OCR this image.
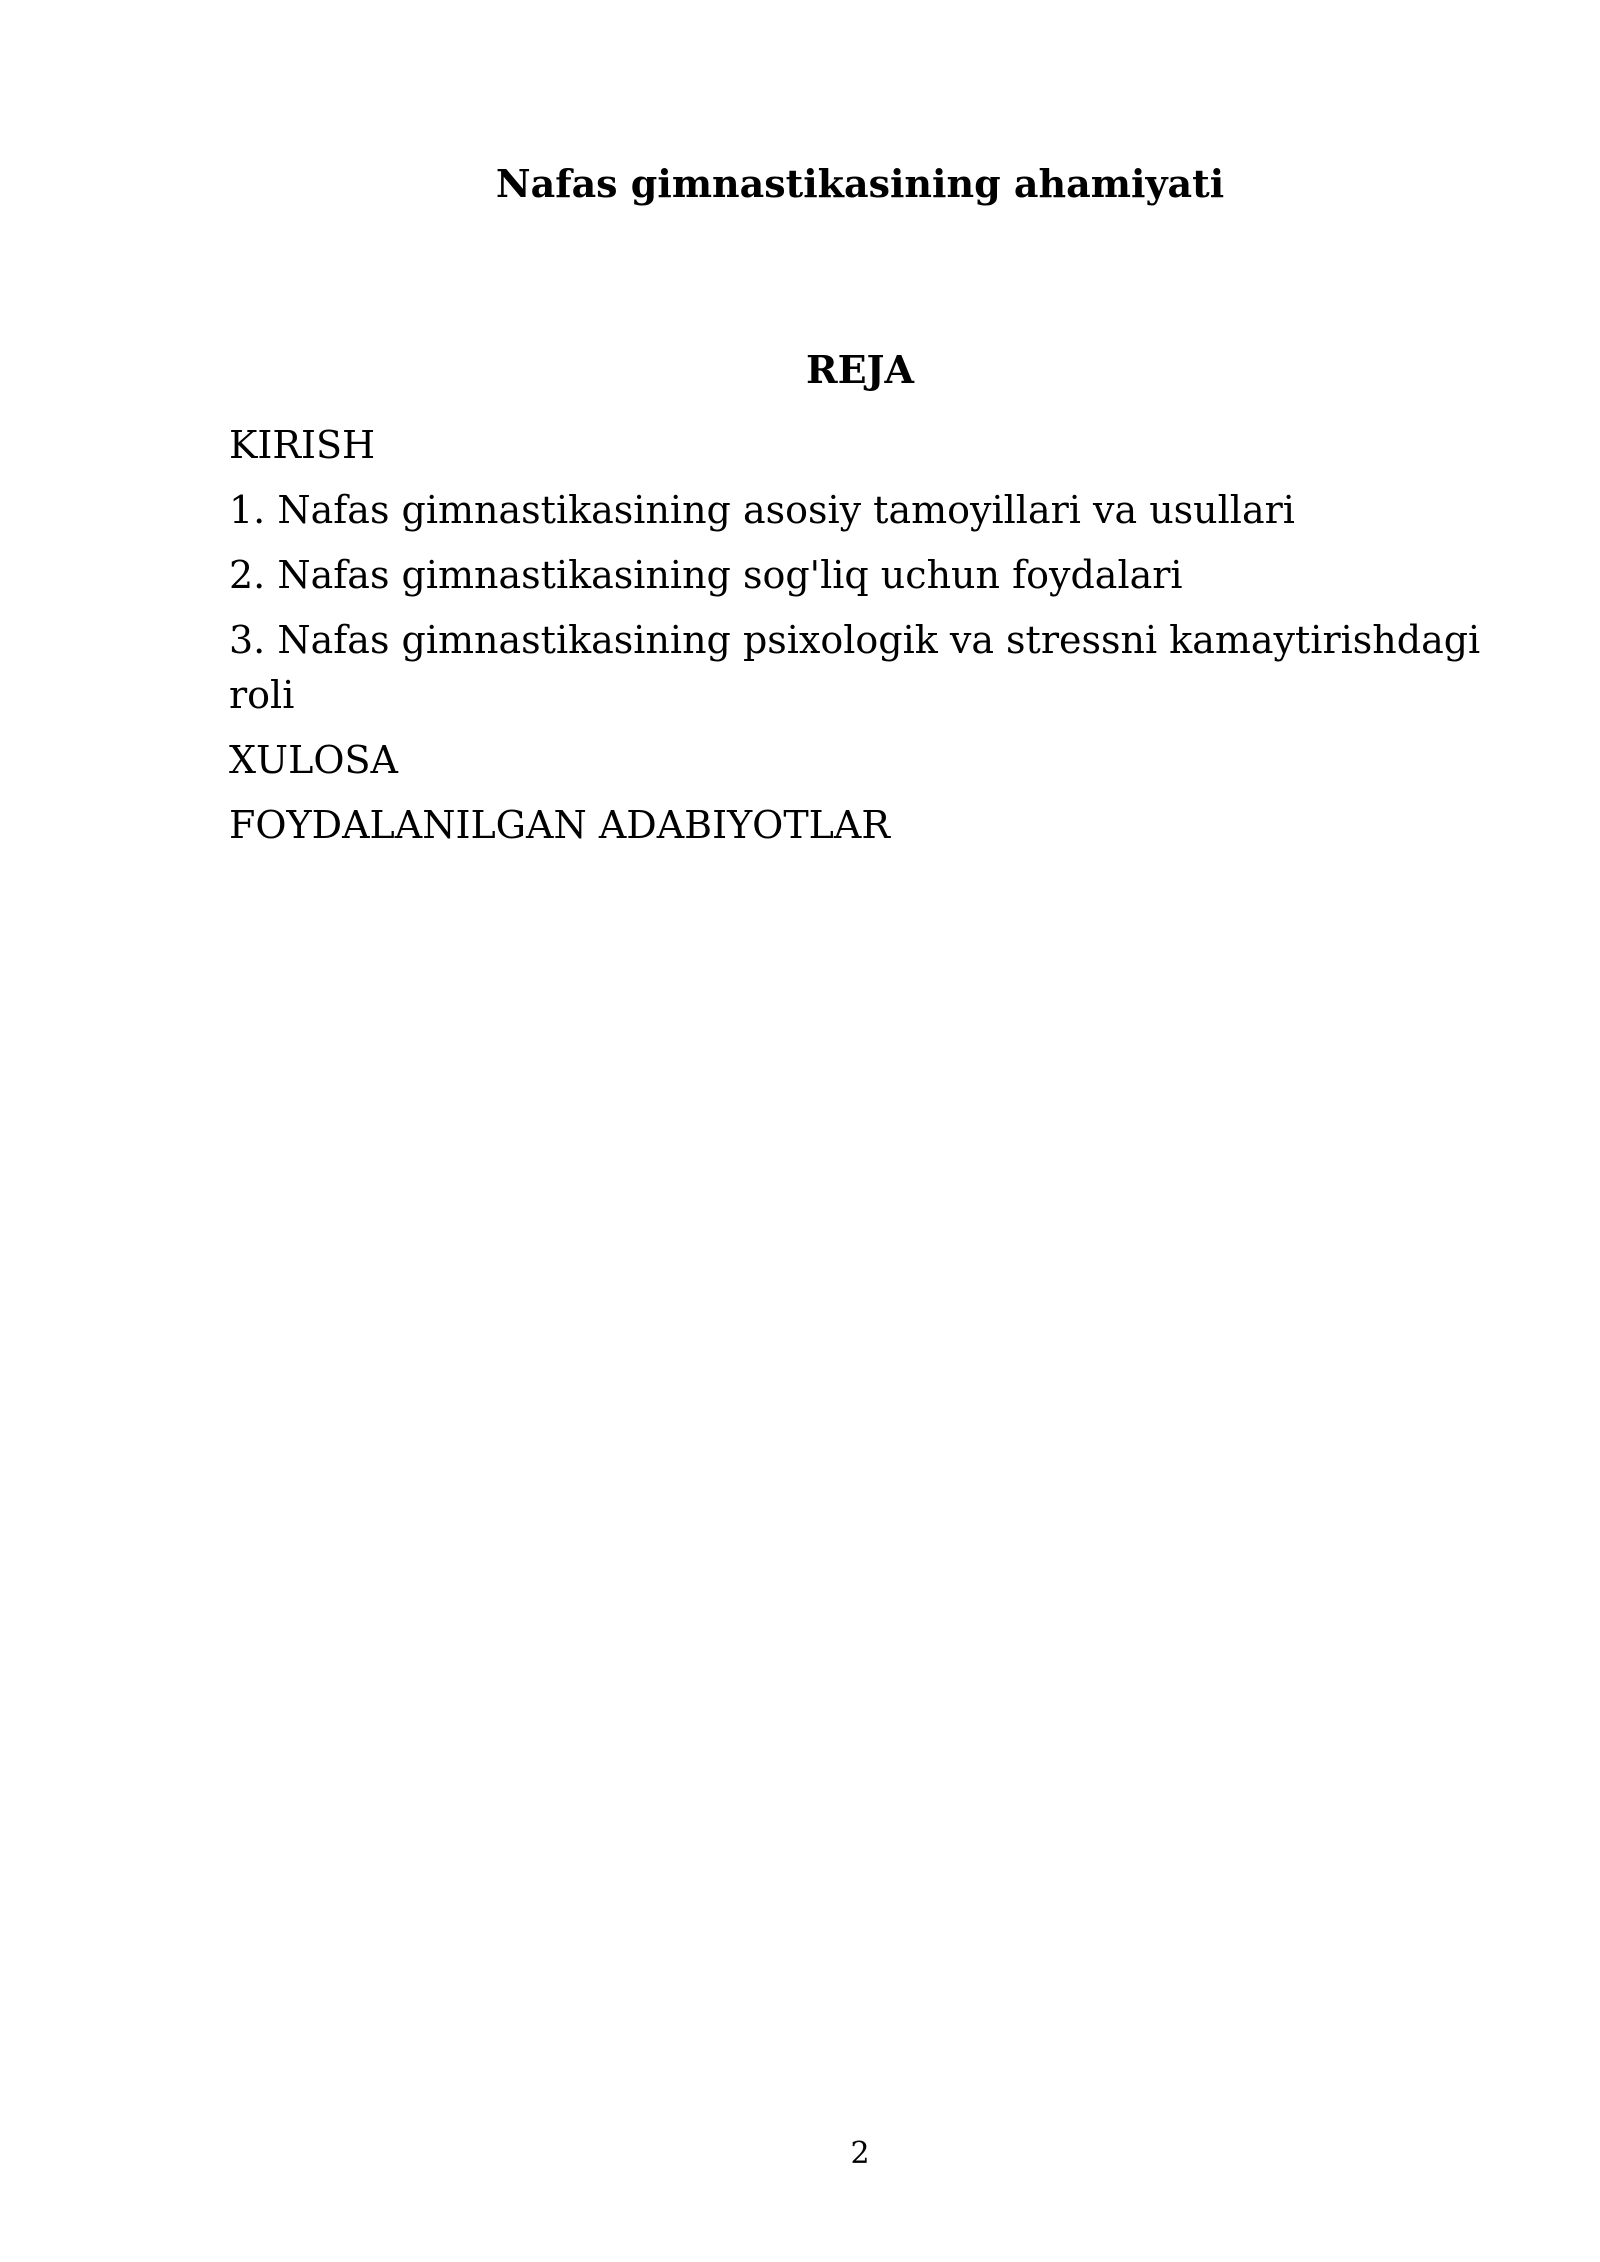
Nafas gimnastikasining ahamiyati
REJA
KIRISH
1. Nafas gimnastikasining asosiy tamoyillari va usullari
2. Nafas gimnastikasining sog'liq uchun foydalari
3. Nafas gimnastikasining psixologik va stressni kamaytirishdagi roli
XULOSA
FOYDALANILGAN ADABIYOTLAR
2
